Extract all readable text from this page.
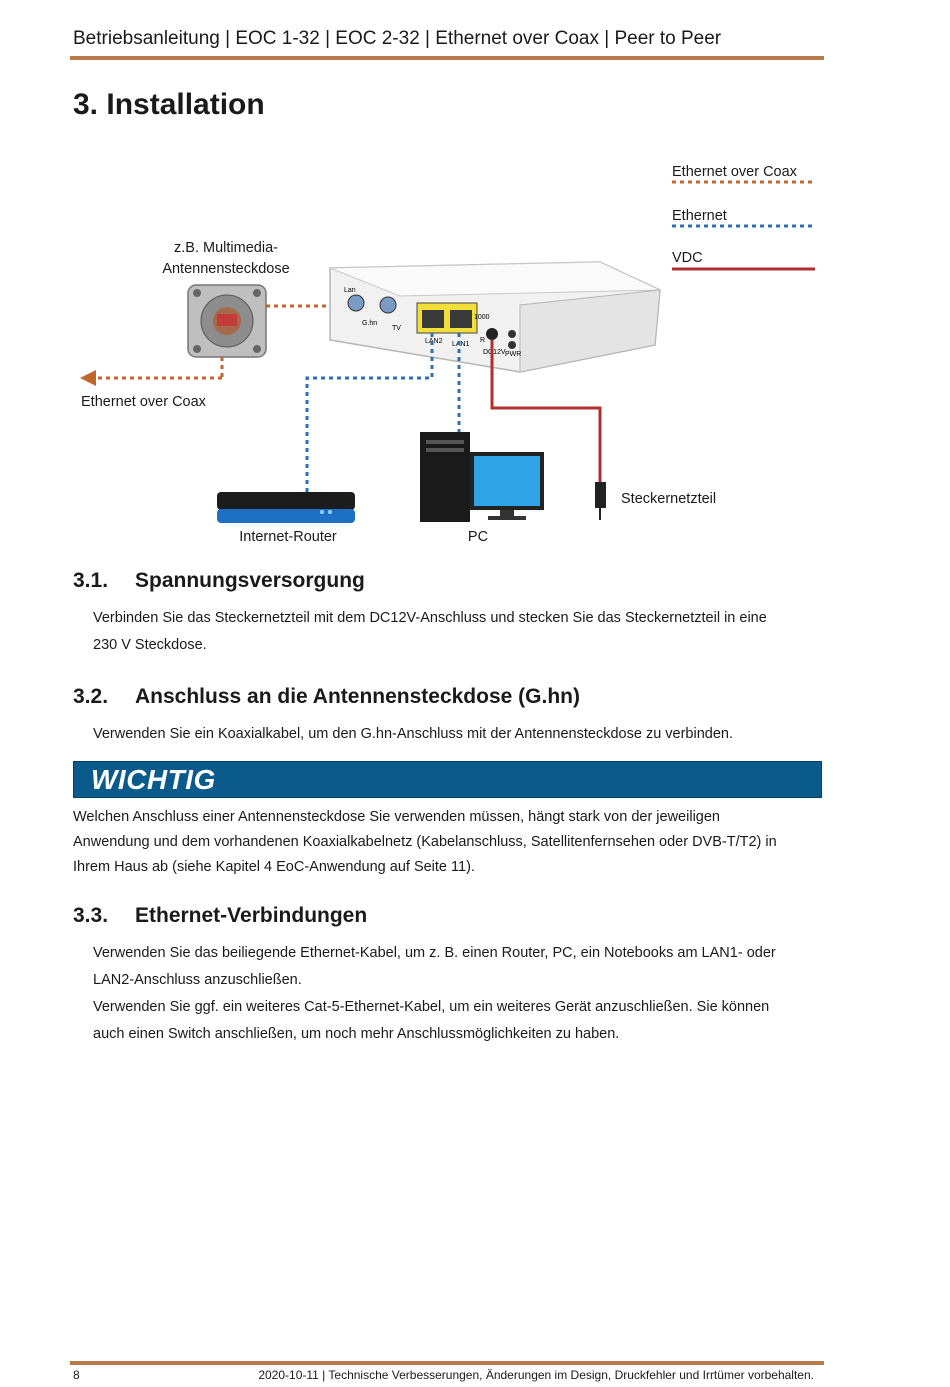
Betriebsanleitung | EOC 1-32 | EOC 2-32 | Ethernet over Coax | Peer to Peer
3. Installation
Ethernet over Coax
Ethernet
VDC
z.B. Multimedia-
Antennensteckdose
Ethernet over Coax
Lan
G.hn
TV
LAN2 LAN1
1000
R
DC12V PWR
Steckernetzteil
Internet-Router	PC
3.1. Spannungsversorgung
Verbinden Sie das Steckernetzteil mit dem DC12V-Anschluss und stecken Sie das Steckernetzteil in eine
230 V Steckdose.
3.2. Anschluss an die Antennensteckdose (G.hn)
Verwenden Sie ein Koaxialkabel, um den G.hn-Anschluss mit der Antennensteckdose zu verbinden.
WICHTIG
Welchen Anschluss einer Antennensteckdose Sie verwenden müssen, hängt stark von der jeweiligen
Anwendung und dem vorhandenen Koaxialkabelnetz (Kabelanschluss, Satellitenfernsehen oder DVB-T/T2) in
Ihrem Haus ab (siehe Kapitel 4 EoC-Anwendung auf Seite 11).
3.3. Ethernet-Verbindungen
Verwenden Sie das beiliegende Ethernet-Kabel, um z. B. einen Router, PC, ein Notebooks am LAN1- oder
LAN2-Anschluss anzuschließen.
Verwenden Sie ggf. ein weiteres Cat-5-Ethernet-Kabel, um ein weiteres Gerät anzuschließen. Sie können
auch einen Switch anschließen, um noch mehr Anschlussmöglichkeiten zu haben.
8	2020-10-11 | Technische Verbesserungen, Änderungen im Design, Druckfehler und Irrtümer vorbehalten.
